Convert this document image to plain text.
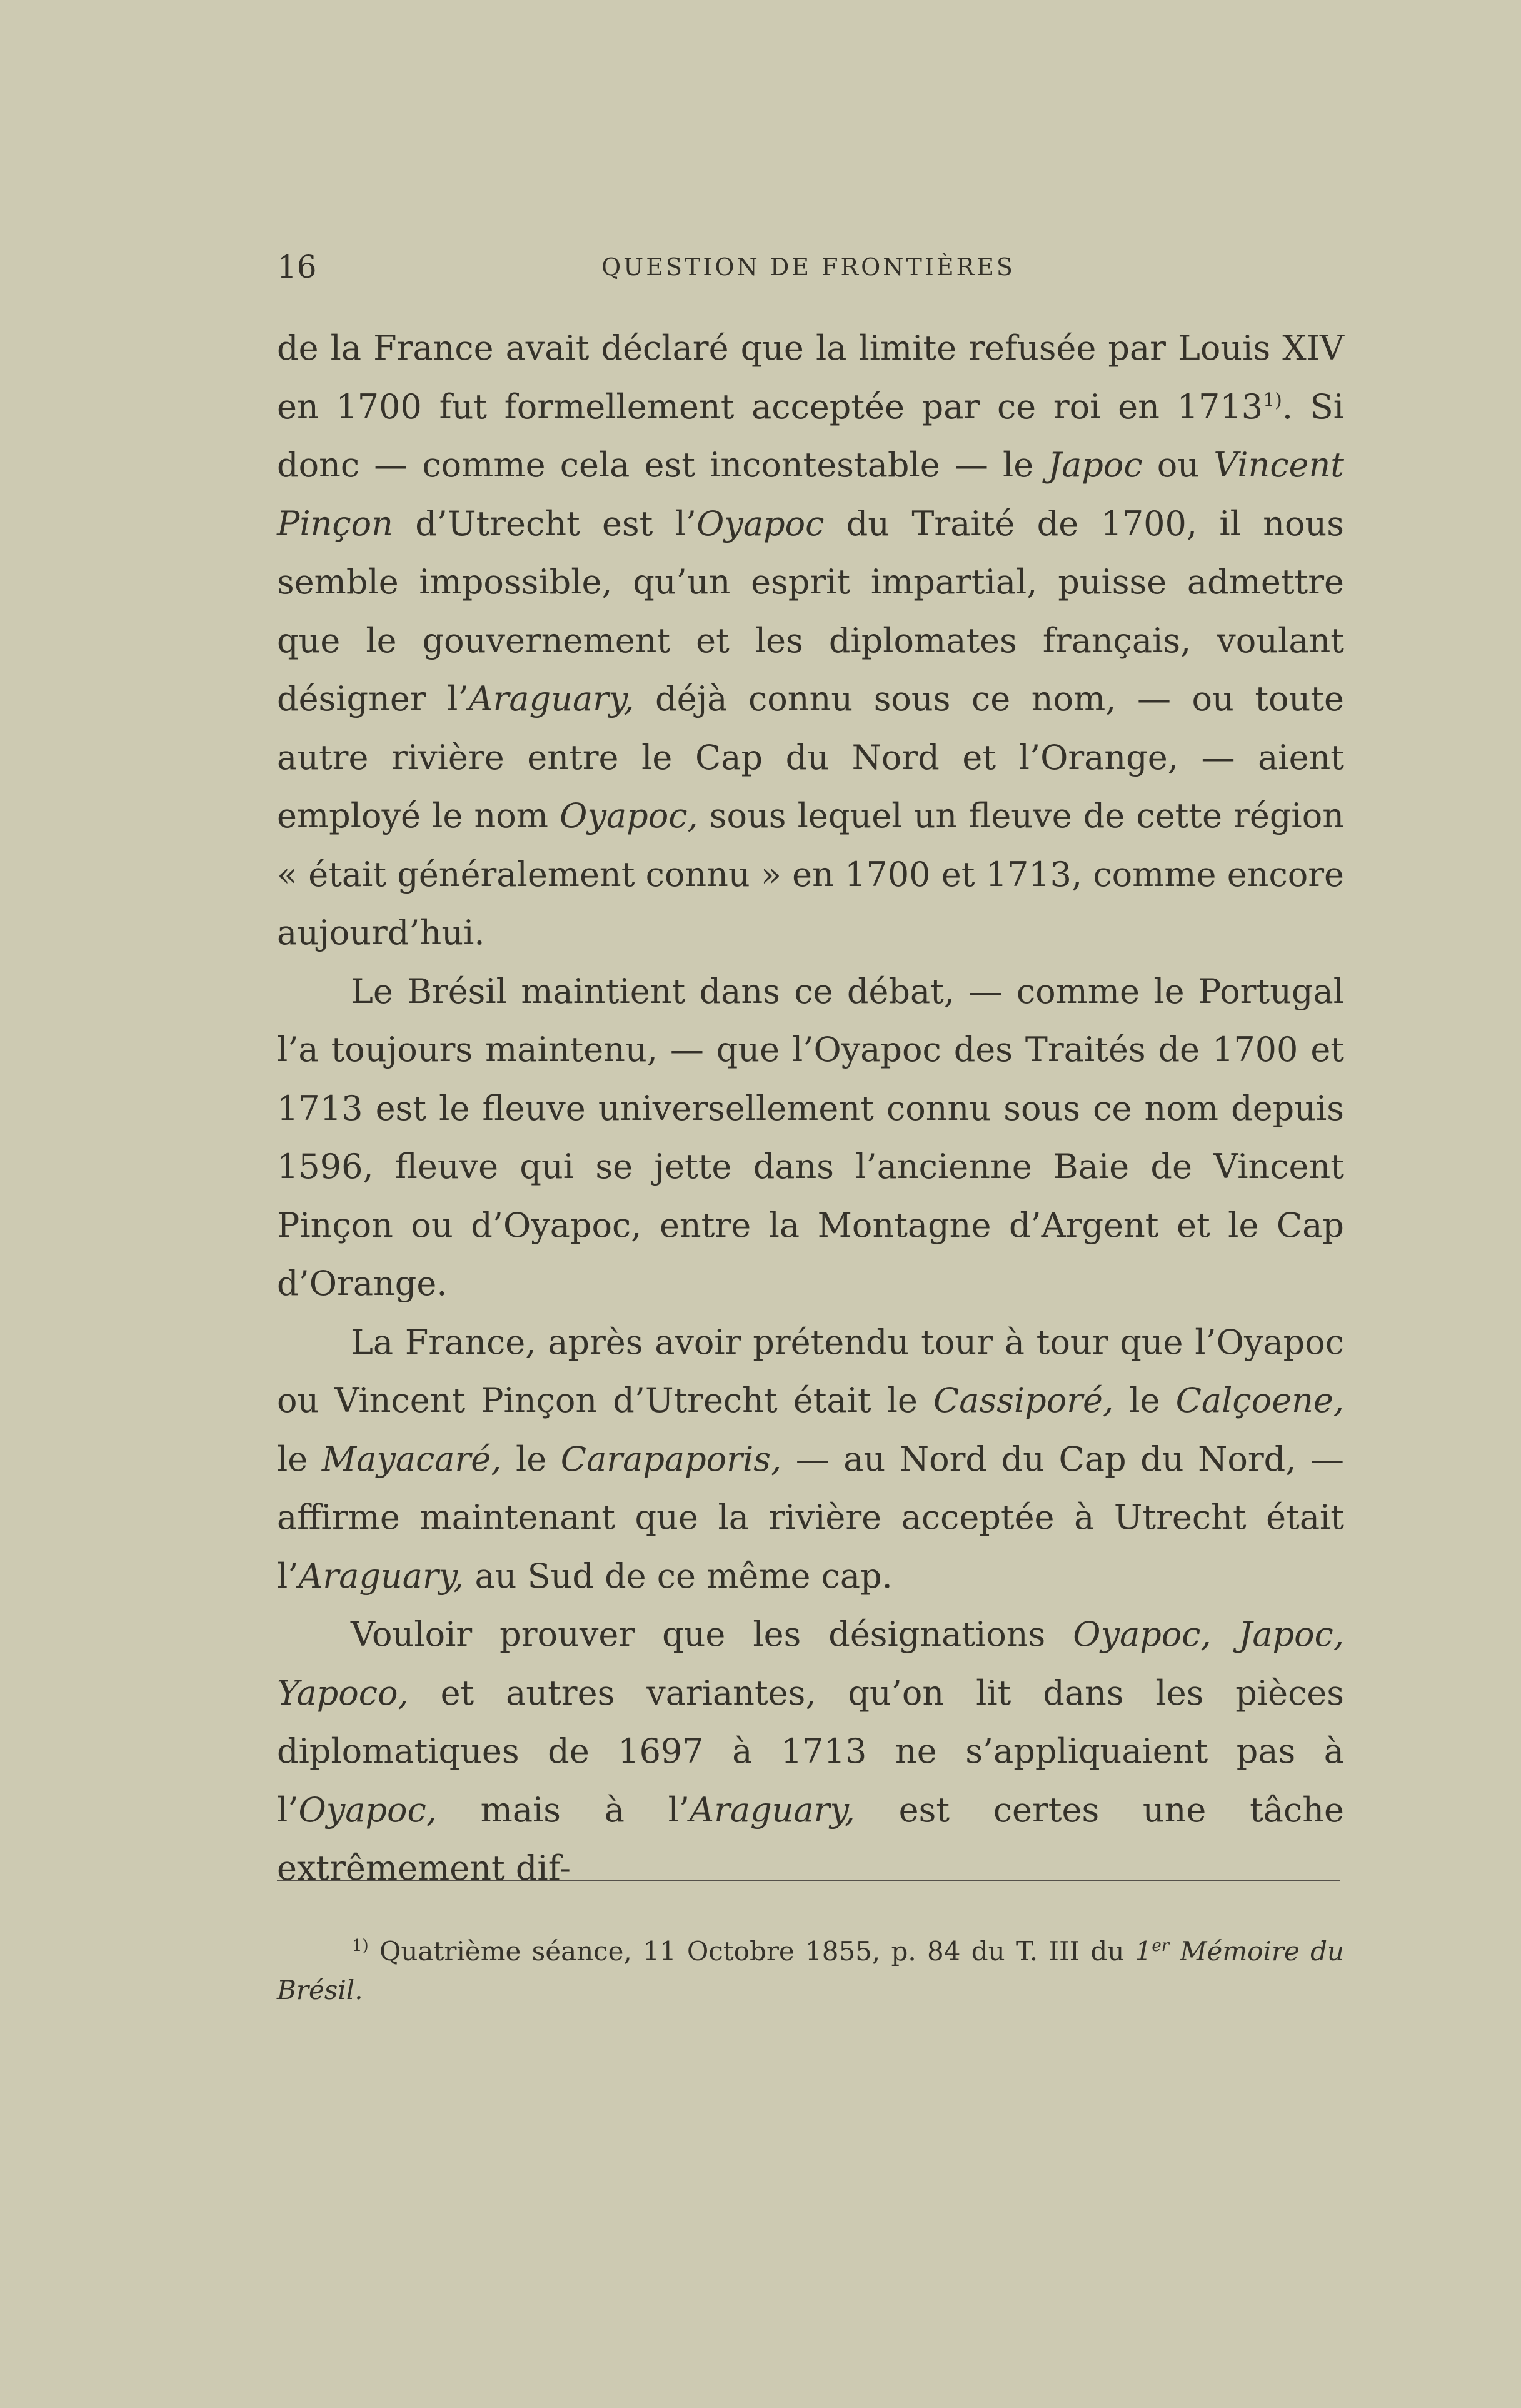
16	QUESTION DE FRONTIÈRES

de la France avait déclaré que la limite refusée par Louis XIV en 1700 fut formellement acceptée par ce roi en 1713$^{1)}$. Si donc — comme cela est incontestable — le Japoc ou Vincent Pinçon d’Utrecht est l’Oyapoc du Traité de 1700, il nous semble impossible, qu’un esprit impartial, puisse admettre que le gouvernement et les diplomates français, voulant désigner l’Araguary, déjà connu sous ce nom, — ou toute autre rivière entre le Cap du Nord et l’Orange, — aient employé le nom Oyapoc, sous lequel un fleuve de cette région « était généralement connu » en 1700 et 1713, comme encore aujourd’hui.

Le Brésil maintient dans ce débat, — comme le Portugal l’a toujours maintenu, — que l’Oyapoc des Traités de 1700 et 1713 est le fleuve universellement connu sous ce nom depuis 1596, fleuve qui se jette dans l’ancienne Baie de Vincent Pinçon ou d’Oyapoc, entre la Montagne d’Argent et le Cap d’Orange.

La France, après avoir prétendu tour à tour que l’Oyapoc ou Vincent Pinçon d’Utrecht était le Cassiporé, le Calçoene, le Mayacaré, le Carapaporis, — au Nord du Cap du Nord, — affirme maintenant que la rivière acceptée à Utrecht était l’Araguary, au Sud de ce même cap.

Vouloir prouver que les désignations Oyapoc, Japoc, Yapoco, et autres variantes, qu’on lit dans les pièces diplomatiques de 1697 à 1713 ne s’appliquaient pas à l’Oyapoc, mais à l’Araguary, est certes une tâche extrêmement dif-

$^{1)}$ Quatrième séance, 11 Octobre 1855, p. 84 du T. III du 1er Mémoire du Brésil.
